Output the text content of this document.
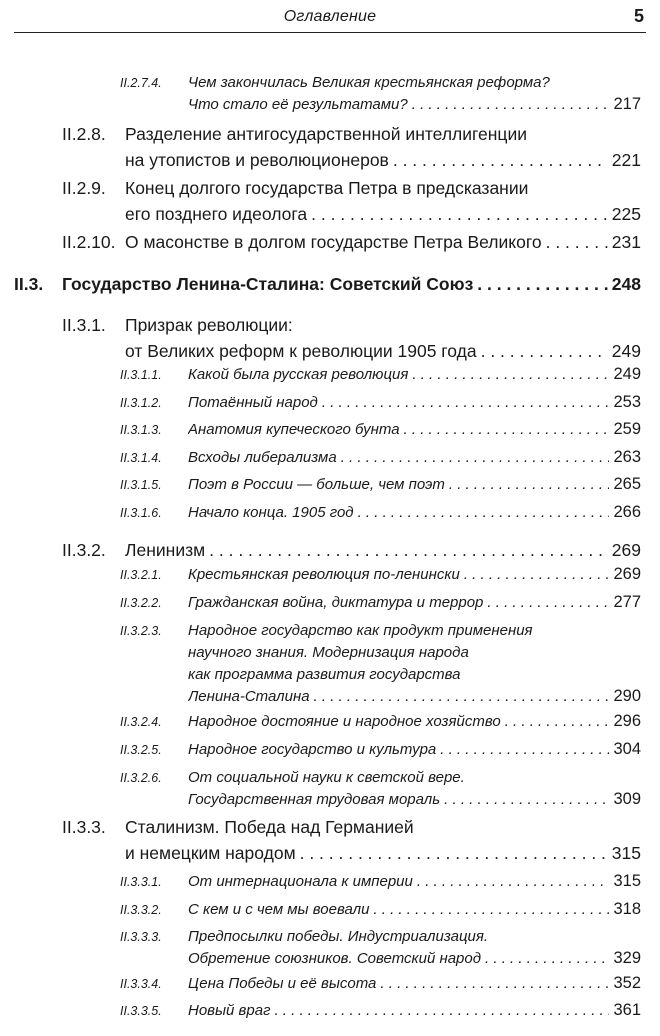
Оглавление	5
II.2.7.4. Чем закончилась Великая крестьянская реформа?
Что стало её результатами? . . .	217
II.2.8. Разделение антигосударственной интеллигенции
на утопистов и революционеров . . .	221
II.2.9. Конец долгого государства Петра в предсказании
его позднего идеолога . . .	225
II.2.10. О масонстве в долгом государстве Петра Великого . . .	231
II.3. Государство Ленина-Сталина: Советский Союз . . .	248
II.3.1. Призрак революции:
от Великих реформ к революции 1905 года . . .	249
II.3.1.1. Какой была русская революция . . .	249
II.3.1.2. Потаённый народ . . .	253
II.3.1.3. Анатомия купеческого бунта . . .	259
II.3.1.4. Всходы либерализма . . .	263
II.3.1.5. Поэт в России — больше, чем поэт . . .	265
II.3.1.6. Начало конца. 1905 год . . .	266
II.3.2. Ленинизм . . .	269
II.3.2.1. Крестьянская революция по-ленински . . .	269
II.3.2.2. Гражданская война, диктатура и террор . . .	277
II.3.2.3. Народное государство как продукт применения
научного знания. Модернизация народа
как программа развития государства
Ленина-Сталина . . .	290
II.3.2.4. Народное достояние и народное хозяйство . . .	296
II.3.2.5. Народное государство и культура . . .	304
II.3.2.6. От социальной науки к светской вере.
Государственная трудовая мораль . . .	309
II.3.3. Сталинизм. Победа над Германией
и немецким народом . . .	315
II.3.3.1. От интернационала к империи . . .	315
II.3.3.2. С кем и с чем мы воевали . . .	318
II.3.3.3. Предпосылки победы. Индустриализация.
Обретение союзников. Советский народ . . .	329
II.3.3.4. Цена Победы и её высота . . .	352
II.3.3.5. Новый враг . . .	361
